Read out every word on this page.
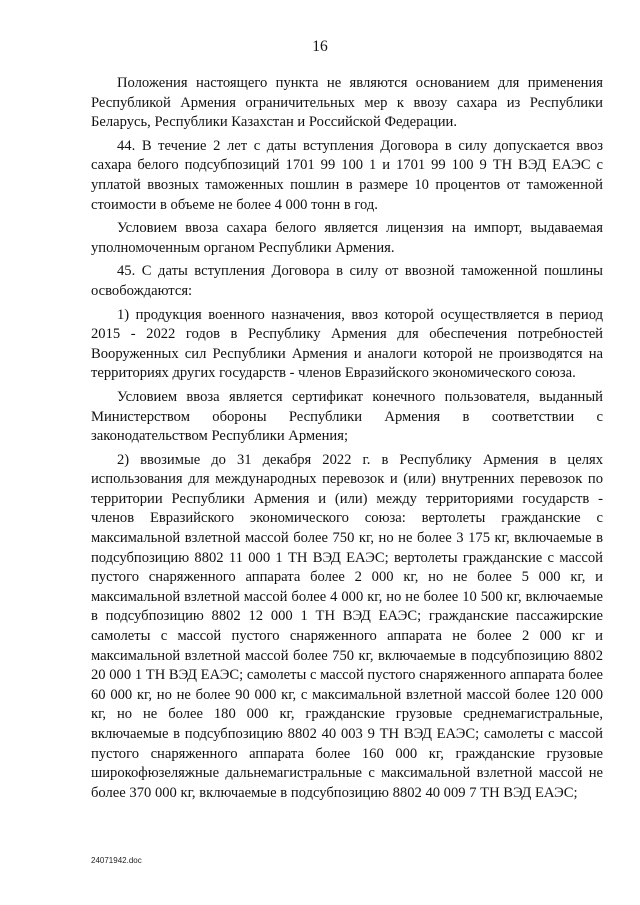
16

Положения настоящего пункта не являются основанием для применения Республикой Армения ограничительных мер к ввозу сахара из Республики Беларусь, Республики Казахстан и Российской Федерации.

44. В течение 2 лет с даты вступления Договора в силу допускается ввоз сахара белого подсубпозиций 1701 99 100 1 и 1701 99 100 9 ТН ВЭД ЕАЭС с уплатой ввозных таможенных пошлин в размере 10 процентов от таможенной стоимости в объеме не более 4 000 тонн в год.

Условием ввоза сахара белого является лицензия на импорт, выдаваемая уполномоченным органом Республики Армения.

45. С даты вступления Договора в силу от ввозной таможенной пошлины освобождаются:

1) продукция военного назначения, ввоз которой осуществляется в период 2015 - 2022 годов в Республику Армения для обеспечения потребностей Вооруженных сил Республики Армения и аналоги которой не производятся на территориях других государств - членов Евразийского экономического союза.

Условием ввоза является сертификат конечного пользователя, выданный Министерством обороны Республики Армения в соответствии с законодательством Республики Армения;

2) ввозимые до 31 декабря 2022 г. в Республику Армения в целях использования для международных перевозок и (или) внутренних перевозок по территории Республики Армения и (или) между территориями государств - членов Евразийского экономического союза: вертолеты гражданские с максимальной взлетной массой более 750 кг, но не более 3 175 кг, включаемые в подсубпозицию 8802 11 000 1 ТН ВЭД ЕАЭС; вертолеты гражданские с массой пустого снаряженного аппарата более 2 000 кг, но не более 5 000 кг, и максимальной взлетной массой более 4 000 кг, но не более 10 500 кг, включаемые в подсубпозицию 8802 12 000 1 ТН ВЭД ЕАЭС; гражданские пассажирские самолеты с массой пустого снаряженного аппарата не более 2 000 кг и максимальной взлетной массой более 750 кг, включаемые в подсубпозицию 8802 20 000 1 ТН ВЭД ЕАЭС; самолеты с массой пустого снаряженного аппарата более 60 000 кг, но не более 90 000 кг, с максимальной взлетной массой более 120 000 кг, но не более 180 000 кг, гражданские грузовые среднемагистральные, включаемые в подсубпозицию 8802 40 003 9 ТН ВЭД ЕАЭС; самолеты с массой пустого снаряженного аппарата более 160 000 кг, гражданские грузовые широкофюзеляжные дальнемагистральные с максимальной взлетной массой не более 370 000 кг, включаемые в подсубпозицию 8802 40 009 7 ТН ВЭД ЕАЭС;

24071942.doc
